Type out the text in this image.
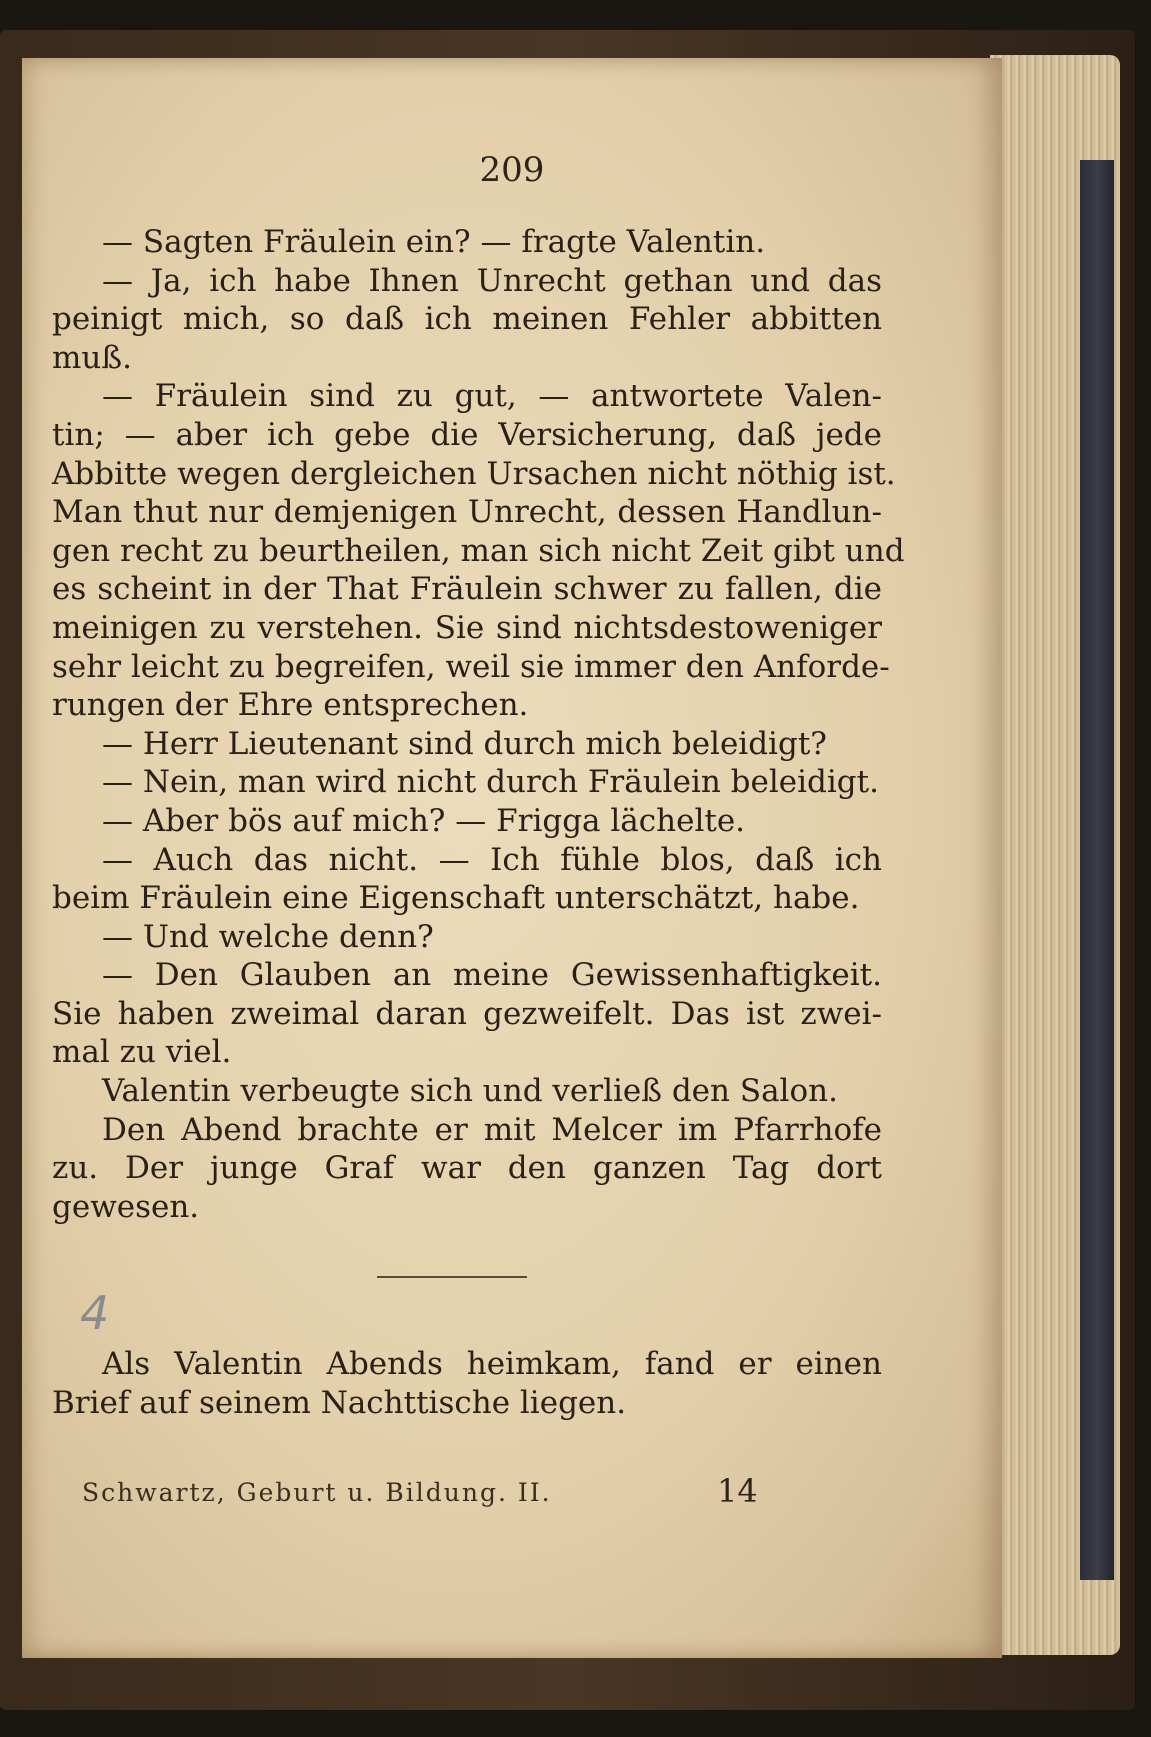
209
— Sagten Fräulein ein? — fragte Valentin.
— Ja, ich habe Ihnen Unrecht gethan und das
peinigt mich, so daß ich meinen Fehler abbitten
muß.
— Fräulein sind zu gut, — antwortete Valen-
tin; — aber ich gebe die Versicherung, daß jede
Abbitte wegen dergleichen Ursachen nicht nöthig ist.
Man thut nur demjenigen Unrecht, dessen Handlun-
gen recht zu beurtheilen, man sich nicht Zeit gibt und
es scheint in der That Fräulein schwer zu fallen, die
meinigen zu verstehen. Sie sind nichtsdestoweniger
sehr leicht zu begreifen, weil sie immer den Anforde-
rungen der Ehre entsprechen.
— Herr Lieutenant sind durch mich beleidigt?
— Nein, man wird nicht durch Fräulein beleidigt.
— Aber bös auf mich? — Frigga lächelte.
— Auch das nicht. — Ich fühle blos, daß ich
beim Fräulein eine Eigenschaft unterschätzt, habe.
— Und welche denn?
— Den Glauben an meine Gewissenhaftigkeit.
Sie haben zweimal daran gezweifelt. Das ist zwei-
mal zu viel.
Valentin verbeugte sich und verließ den Salon.
Den Abend brachte er mit Melcer im Pfarrhofe
zu. Der junge Graf war den ganzen Tag dort
gewesen.
4
Als Valentin Abends heimkam, fand er einen
Brief auf seinem Nachttische liegen.
Schwartz, Geburt u. Bildung. II.	14
